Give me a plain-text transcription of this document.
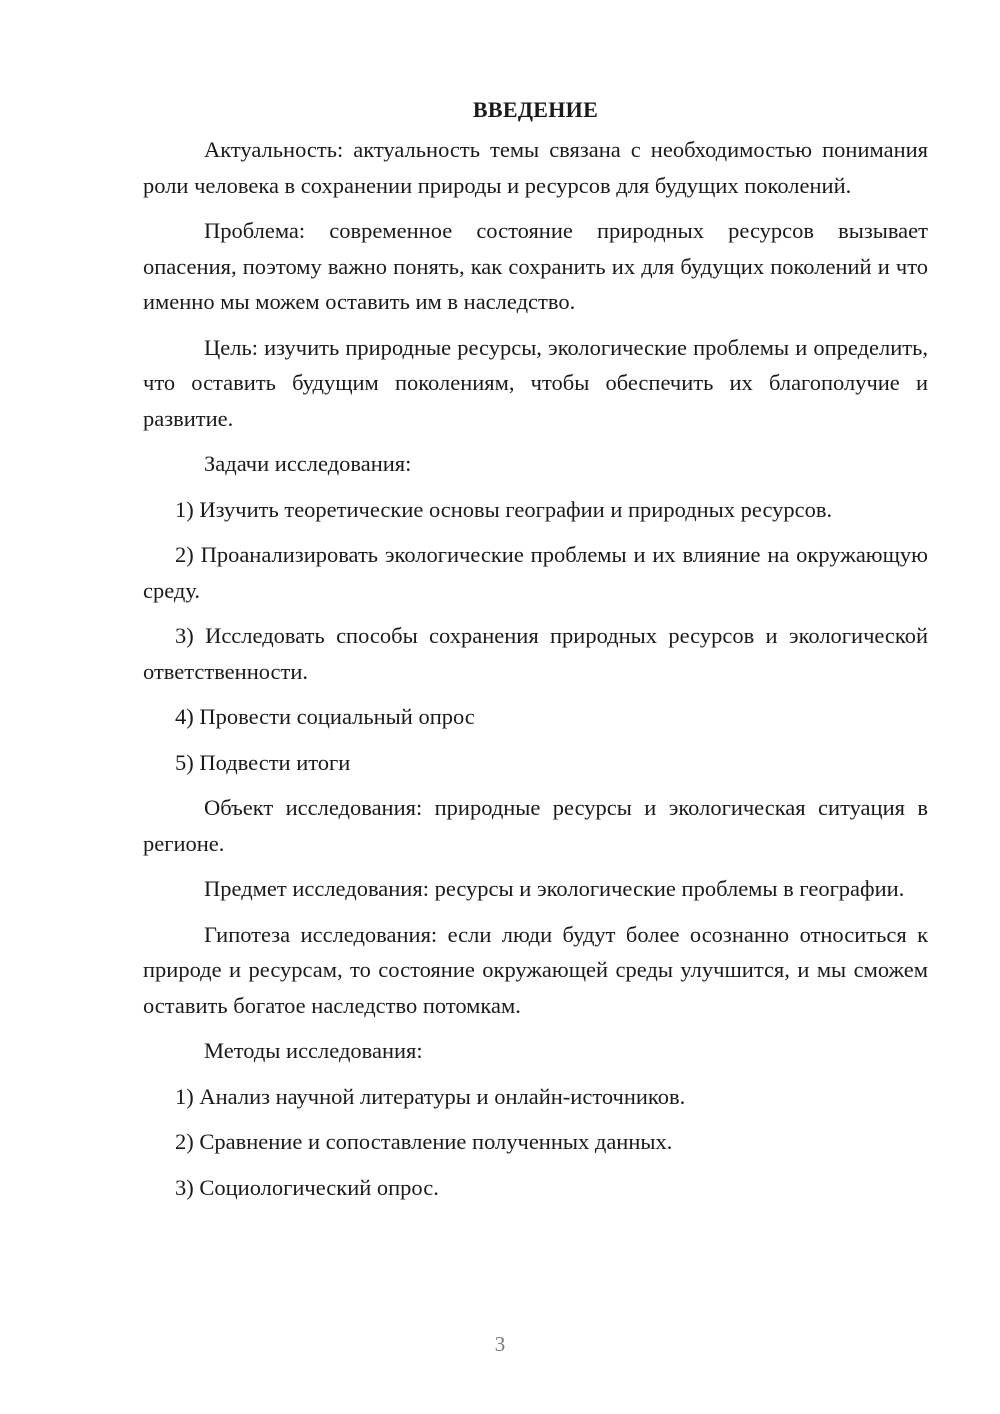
ВВЕДЕНИЕ

Актуальность: актуальность темы связана с необходимостью понимания роли человека в сохранении природы и ресурсов для будущих поколений.

Проблема: современное состояние природных ресурсов вызывает опасения, поэтому важно понять, как сохранить их для будущих поколений и что именно мы можем оставить им в наследство.

Цель: изучить природные ресурсы, экологические проблемы и определить, что оставить будущим поколениям, чтобы обеспечить их благополучие и развитие.

Задачи исследования:

1) Изучить теоретические основы географии и природных ресурсов.

2) Проанализировать экологические проблемы и их влияние на окружающую среду.

3) Исследовать способы сохранения природных ресурсов и экологической ответственности.

4) Провести социальный опрос

5) Подвести итоги

Объект исследования: природные ресурсы и экологическая ситуация в регионе.

Предмет исследования: ресурсы и экологические проблемы в географии.

Гипотеза исследования: если люди будут более осознанно относиться к природе и ресурсам, то состояние окружающей среды улучшится, и мы сможем оставить богатое наследство потомкам.

Методы исследования:

1) Анализ научной литературы и онлайн-источников.

2) Сравнение и сопоставление полученных данных.

3) Социологический опрос.

3
